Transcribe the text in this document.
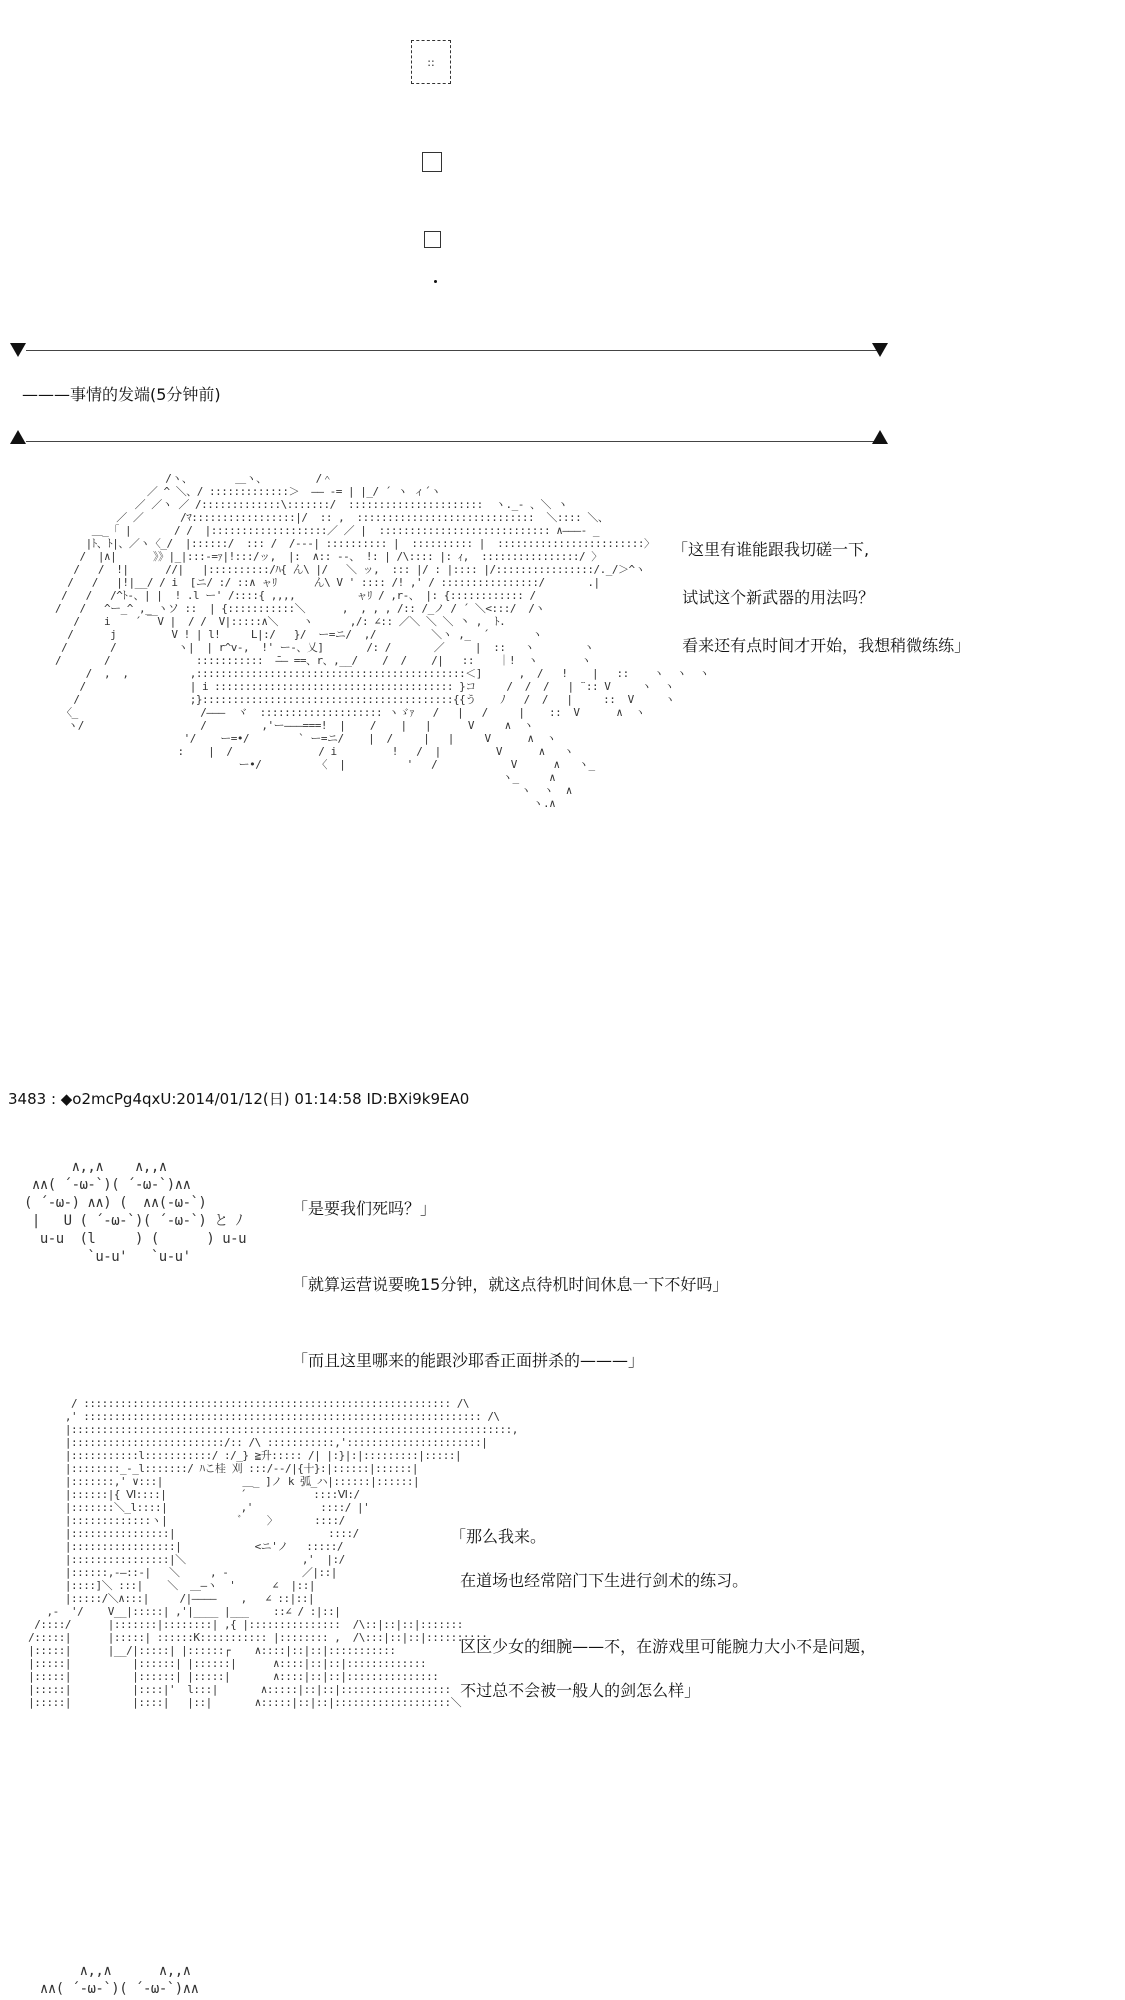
::
———事情的发端(5分钟前)
/ヽ、       ＿ヽ、        /＾
／ ^ ＼、/ :::::::::::::＞  ―― -= | |_/ ´ ヽ ィ´ヽ
／ ／ヽ ／ /:::::::::::::\:::::::/  ::::::::::::::::::::::  ヽ._- 、＼ ヽ
／ ／      /ﾏ:::::::::::::::::|/  :: ,  :::::::::::::::::::::::::::::  ＼:::: ＼、
＿_「 |       / /  |:::::::::::::::::::／ ／ |  :::::::::::::::::::::::::::: ∧―――- _
|ﾄ、ﾄ|、／ヽ〈_/  |::::::/  ::: /  /--‐| :::::::::: |  :::::::::: |  ::::::::::::::::::::::::〉
/  |∧|      》》|_|:::-=ｧ|!:::/ッ,  |:  ∧:: --、 !: | /\:::: |: ｨ,  ::::::::::::::::/ 〉
/   /  !|      //|   |::::::::::/ﾊ{ ん\ |/   ＼ ッ,  ::: |/ : |:::: |/::::::::::::::::/._/＞^ヽ
/   /   |!|__/ / i  [ニ/ :/ ::∧ ャﾘ      ん\ V ' :::: /! ,' / ::::::::::::::::/       .|
/   /   /^ﾄ-、| |  ! .l ー' /::::{ ,,,,          ャﾘ / ,r-、 |: {:::::::::::: /
/   /   ^ー_^ ,_ ヽソ ::  | {:::::::::::＼      ,  , , , /:: /_ノ / ´ ＼<:::/  /ヽ
/    i    ´ ￣V |  / /  V|:::::∧＼    ヽ      ,/: ∠:: ／＼ ＼ ＼ 丶 ,  ﾄ.
/      j         V ! | l!     L|:/   }/  ー=ニ/  ,/         ＼ヽ ,_  ´       ヽ
/       /          ヽ|  | r^v-,  !' ー-、乂]       /: /       ／     |  ::   ヽ        ヽ
/       /              :::::::::::  ̄―― ==、r、,__/    /  /    /|   ::    ｜!  ヽ       ヽ
/  ,  ,          ,::::::::::::::::::::::::::::::::::::::::::::＜]      ,  /   !    |   ::    ヽ  ヽ  ヽ
/                 | i ::::::::::::::::::::::::::::::::::::::: }コ     /  /  /   | ¨:: V     ヽ  ヽ
/                  ;}:::::::::::::::::::::::::::::::::::::::::{{う    ﾉ   /  /   |     ::  V     ヽ
〈_                    /―――  ヾ  :::::::::::::::::::: ヽゞｧ   /   |   /     |    ::  V      ∧  ヽ
ヽ/                   /         ,'ー―――===!  |    /    |   |      V     ∧  ヽ
'/    ー=•/        ` ー=ニ/    |  /     |   |     V      ∧  ヽ
:    |  /              / i         !   /  |         V      ∧   ヽ
ー•/         〈  |          '   /            V      ∧   ヽ_
ヽ_     ∧
ヽ  ヽ  ∧
ヽ.∧

「这里有谁能跟我切磋一下,

试试这个新武器的用法吗？

看来还有点时间才开始，我想稍微练练」

3483 : ◆o2mcPg4qxU:2014/01/12(日) 01:14:58 ID:BXi9k9EA0
∧,,∧    ∧,,∧
∧∧( ´-ω-`)( ´-ω-`)∧∧
( ´-ω-) ∧∧) (  ∧∧(-ω-`)
|   U ( ´-ω-`)( ´-ω-`) と ﾉ
u-u  (l     ) (      ) u-u
`u-u'   `u-u'

「是要我们死吗？」

「就算运营说要晚15分钟，就这点待机时间休息一下不好吗」

「而且这里哪来的能跟沙耶香正面拼杀的———」

/ :::::::::::::::::::::::::::::::::::::::::::::::::::::::::::: /\
,' ::::::::::::::::::::::::::::::::::::::::::::::::::::::::::::::::: /\
|::::::::::::::::::::::::::::::::::::::::::::::::::::::::::::::::::::::::,
|:::::::::::::::::::::::::/:: /\ :::::::::::,'::::::::::::::::::::::|
|:::::::::::l:::::::::::/ :/_} ≧升::::: /| |:}|:|:::::::::|:::::|
|::::::::_-_l:::::::/ ﾊこ桂 刈 :::/--/|{十}:|::::::|::::::|
|:::::::,' ∨:::|             ＿_ ]ノ k 弧_ハ|::::::|::::::|
|::::::|{ Ⅵ::::|            ´           ::::Ⅵ:/
|:::::::＼_l::::|            ,'           ::::/ |'
|:::::::::::::ヽ|            ﾞ    〉      ::::/
|::::::::::::::::|                         ::::/
|:::::::::::::::::|            <ニ'ノ   :::::/
|::::::::::::::::|＼                   ,'  |:/
|::::::,-―::‐|   ＼     , ‐            ／|::|
|::::]＼ :::|    ＼  ＿―ヽ  '      ∠  |::|
|:::::/＼∧:::|     /|――――    ,   ∠ ::|::|
,-  '/    V__|:::::| ,'|____ |___    ::∠ / :|::|
/::::/      |:::::::|::::::::| ,{ |:::::::::::::::  /\::|::|::|:::::::
/:::::|      |:::::| ::::::K::::::::::: |:::::::: ,  /\:::|::|::|::::::::::
|:::::|      |__/|:::::| |::::::┌    ∧::::|::|::|:::::::::::
|:::::|          |::::::| |::::::|      ∧::::|::|::|:::::::::::::
|:::::|          |::::::| |:::::|       ∧::::|::|::|:::::::::::::::
|:::::|          |::::|'  l:::|       ∧:::::|::|::|::::::::::::::::::
|:::::|          |::::|   |::|       ∧:::::|::|::|:::::::::::::::::::＼

「那么我来。

在道场也经常陪门下生进行剑术的练习。

区区少女的细腕——不，在游戏里可能腕力大小不是问题，

不过总不会被一般人的剑怎么样」

∧,,∧      ∧,,∧
∧∧( ´-ω-`)( ´-ω-`)∧∧
